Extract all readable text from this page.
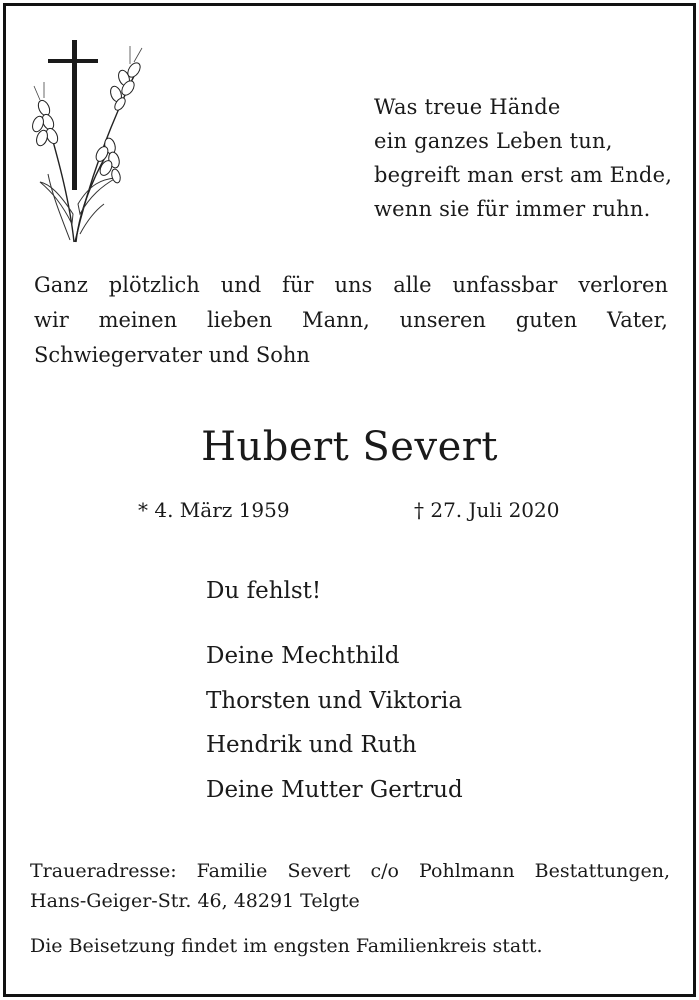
Was treue Hände
ein ganzes Leben tun,
begreift man erst am Ende,
wenn sie für immer ruhn.
Ganz plötzlich und für uns alle unfassbar verloren
wir meinen lieben Mann, unseren guten Vater,
Schwiegervater und Sohn
Hubert Severt
* 4. März 1959	† 27. Juli 2020
Du fehlst!
Deine Mechthild
Thorsten und Viktoria
Hendrik und Ruth
Deine Mutter Gertrud
Traueradresse: Familie Severt c/o Pohlmann Bestattungen,
Hans-Geiger-Str. 46, 48291 Telgte
Die Beisetzung findet im engsten Familienkreis statt.
